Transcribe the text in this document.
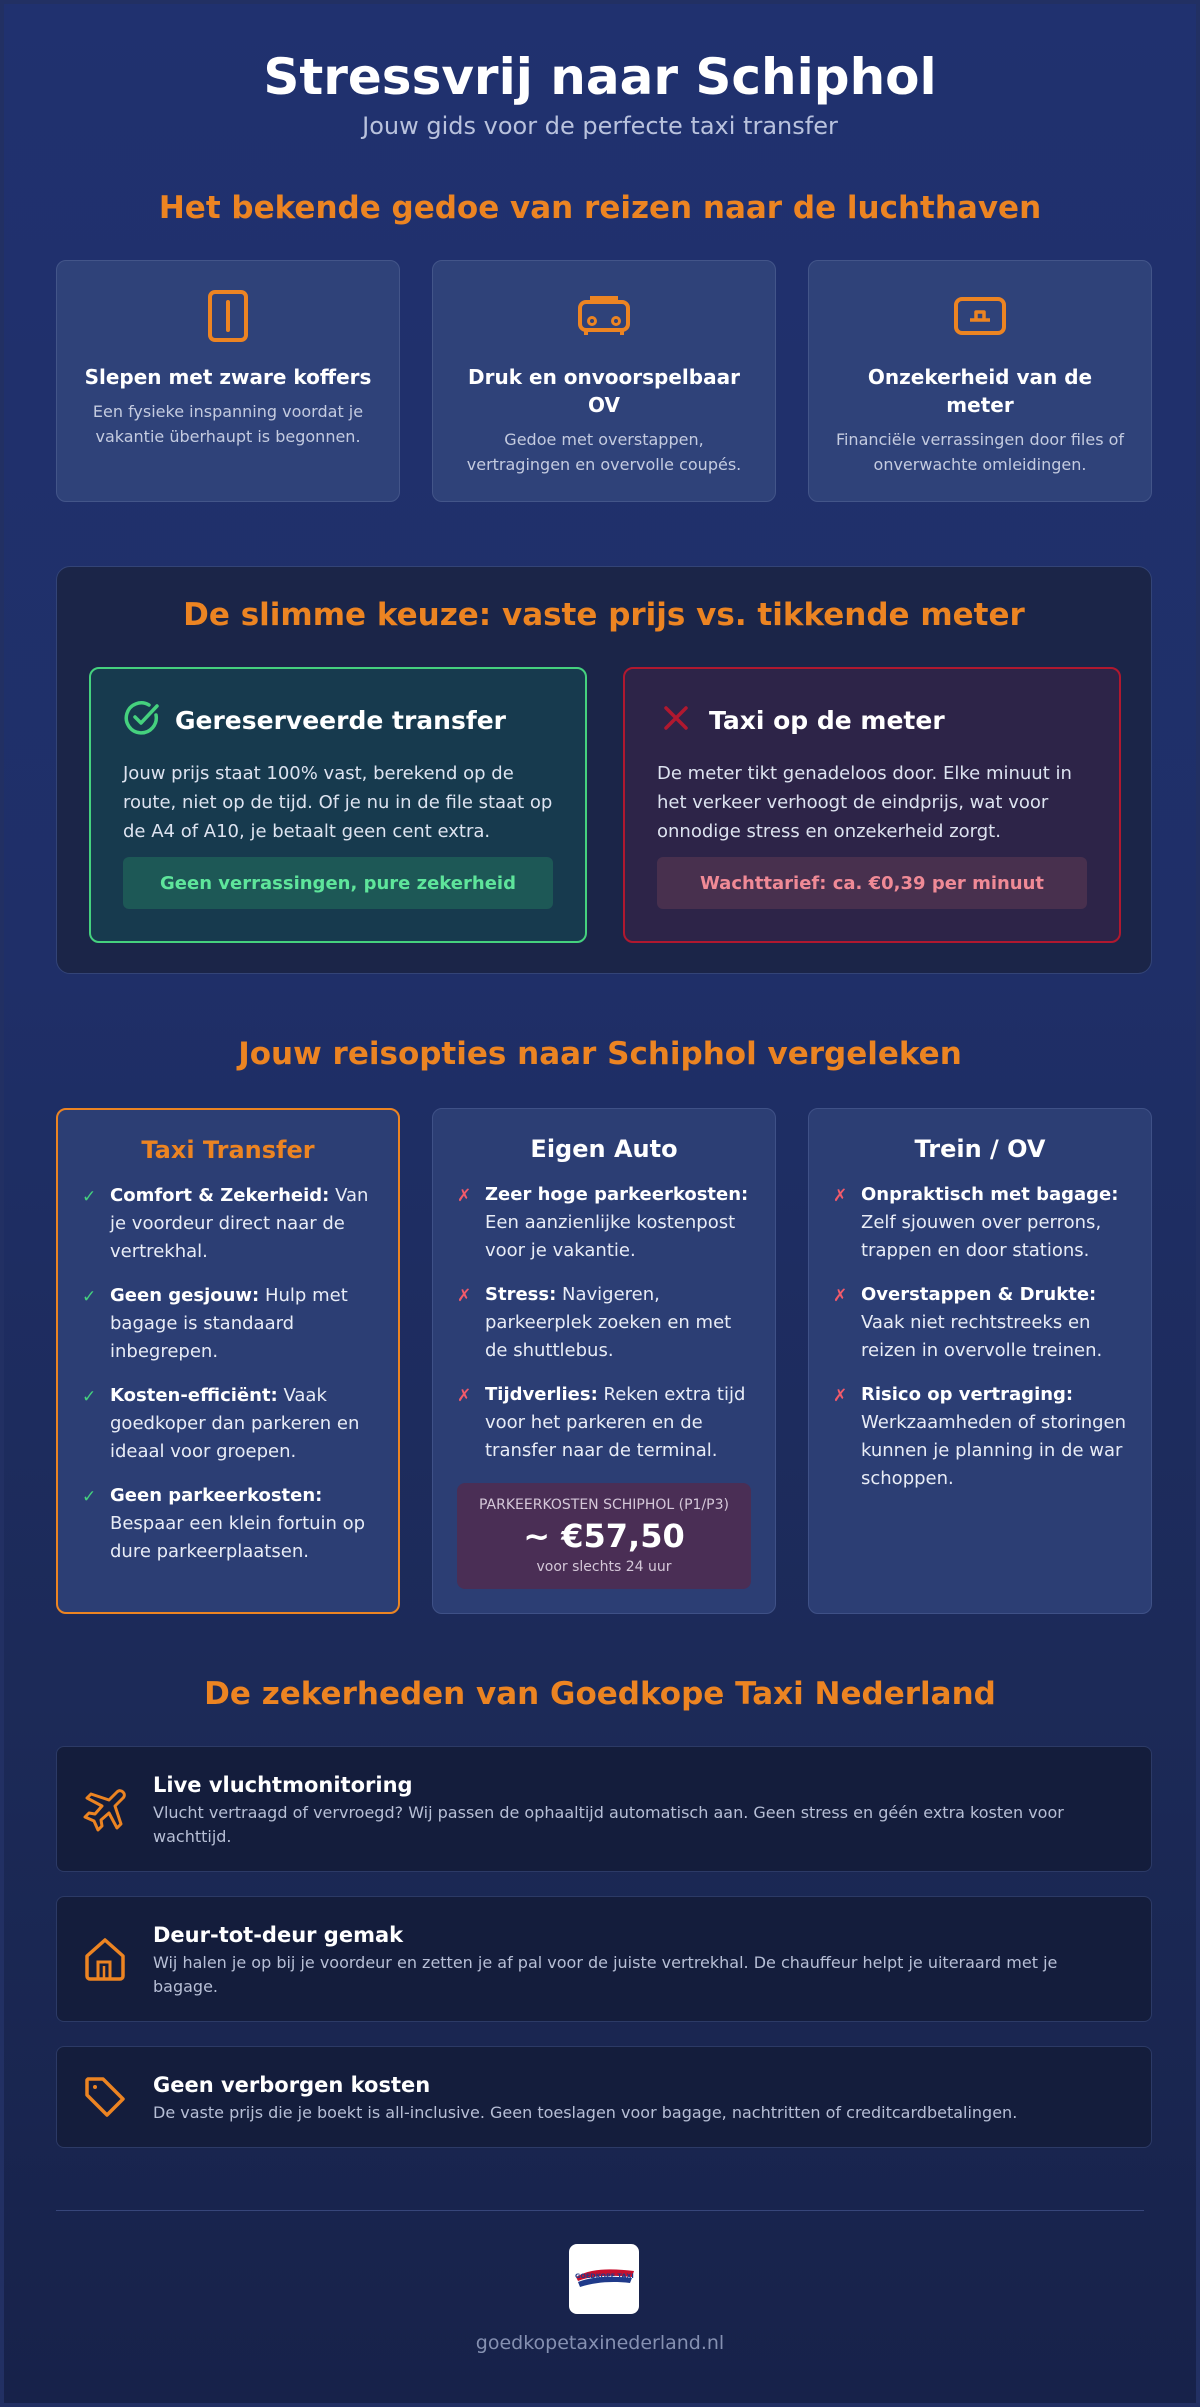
Stressvrij naar Schiphol
Jouw gids voor de perfecte taxi transfer
Het bekende gedoe van reizen naar de luchthaven
Slepen met zware koffers

Een fysieke inspanning voordat je vakantie überhaupt is begonnen.

Druk en onvoorspelbaar OV

Gedoe met overstappen, vertragingen en overvolle coupés.

Onzekerheid van de meter

Financiële verrassingen door files of onverwachte omleidingen.

De slimme keuze: vaste prijs vs. tikkende meter
Gereserveerde transfer

Jouw prijs staat 100% vast, berekend op de route, niet op de tijd. Of je nu in de file staat op de A4 of A10, je betaalt geen cent extra.

Geen verrassingen, pure zekerheid
Taxi op de meter

De meter tikt genadeloos door. Elke minuut in het verkeer verhoogt de eindprijs, wat voor onnodige stress en onzekerheid zorgt.

Wachttarief: ca. €0,39 per minuut
Jouw reisopties naar Schiphol vergeleken
Taxi Transfer
✓ Comfort & Zekerheid: Van je voordeur direct naar de vertrekhal.
✓ Geen gesjouw: Hulp met bagage is standaard inbegrepen.
✓ Kosten-efficiënt: Vaak goedkoper dan parkeren en ideaal voor groepen.
✓ Geen parkeerkosten: Bespaar een klein fortuin op dure parkeerplaatsen.
Eigen Auto
✗ Zeer hoge parkeerkosten: Een aanzienlijke kostenpost voor je vakantie.
✗ Stress: Navigeren, parkeerplek zoeken en met de shuttlebus.
✗ Tijdverlies: Reken extra tijd voor het parkeren en de transfer naar de terminal.
PARKEERKOSTEN SCHIPHOL (P1/P3)
~ €57,50
voor slechts 24 uur
Trein / OV
✗ Onpraktisch met bagage: Zelf sjouwen over perrons, trappen en door stations.
✗ Overstappen & Drukte: Vaak niet rechtstreeks en reizen in overvolle treinen.
✗ Risico op vertraging: Werkzaamheden of storingen kunnen je planning in de war schoppen.
De zekerheden van Goedkope Taxi Nederland
Live vluchtmonitoring

Vlucht vertraagd of vervroegd? Wij passen de ophaaltijd automatisch aan. Geen stress en géén extra kosten voor wachttijd.

Deur-tot-deur gemak

Wij halen je op bij je voordeur en zetten je af pal voor de juiste vertrekhal. De chauffeur helpt je uiteraard met je bagage.

Geen verborgen kosten

De vaste prijs die je boekt is all-inclusive. Geen toeslagen voor bagage, nachtritten of creditcardbetalingen.

GOEDKOPE TAXI
goedkopetaxinederland.nl
